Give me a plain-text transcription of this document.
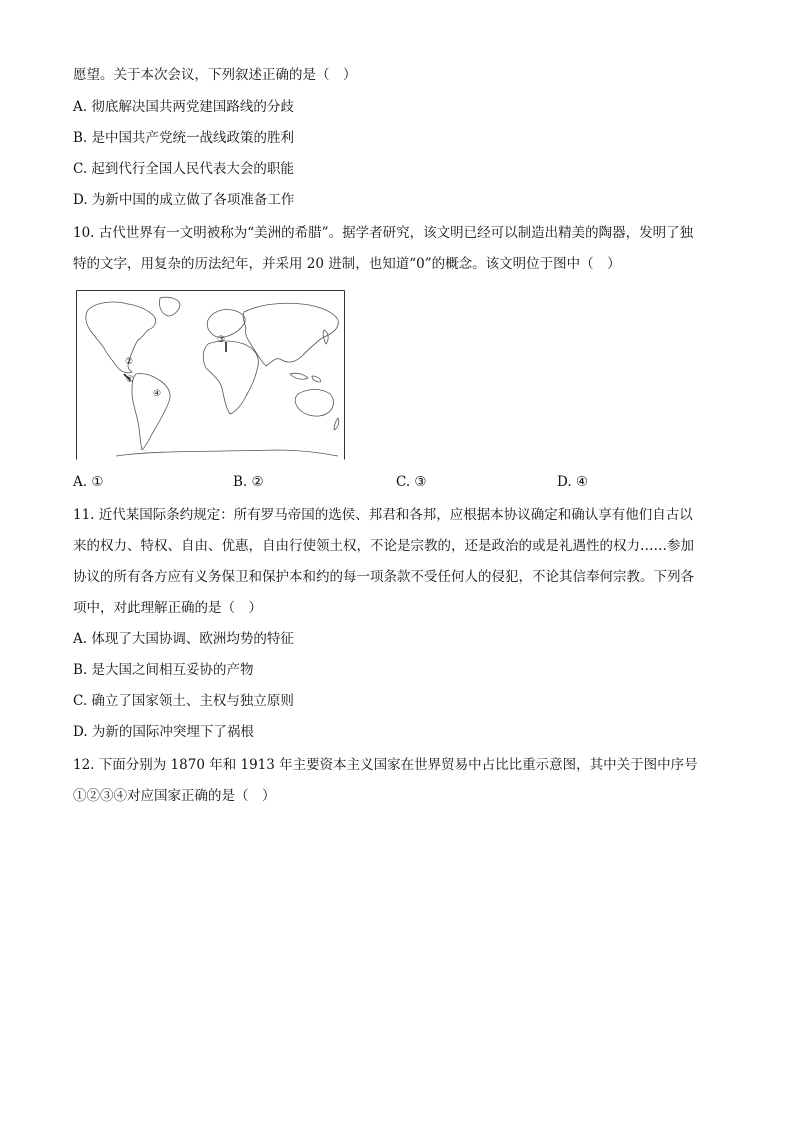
愿望。关于本次会议，下列叙述正确的是（　）
A. 彻底解决国共两党建国路线的分歧
B. 是中国共产党统一战线政策的胜利
C. 起到代行全国人民代表大会的职能
D. 为新中国的成立做了各项准备工作
10. 古代世界有一文明被称为“美洲的希腊”。据学者研究，该文明已经可以制造出精美的陶器，发明了独
特的文字，用复杂的历法纪年，并采用 20 进制，也知道“0”的概念。该文明位于图中（　）
①
②
③
④
A. ①	B. ②	C. ③	D. ④
11. 近代某国际条约规定：所有罗马帝国的选侯、邦君和各邦，应根据本协议确定和确认享有他们自古以
来的权力、特权、自由、优惠，自由行使领土权，不论是宗教的，还是政治的或是礼遇性的权力……参加
协议的所有各方应有义务保卫和保护本和约的每一项条款不受任何人的侵犯，不论其信奉何宗教。下列各
项中，对此理解正确的是（　）
A. 体现了大国协调、欧洲均势的特征
B. 是大国之间相互妥协的产物
C. 确立了国家领土、主权与独立原则
D. 为新的国际冲突埋下了祸根
12. 下面分别为 1870 年和 1913 年主要资本主义国家在世界贸易中占比比重示意图，其中关于图中序号
①②③④对应国家正确的是（　）
